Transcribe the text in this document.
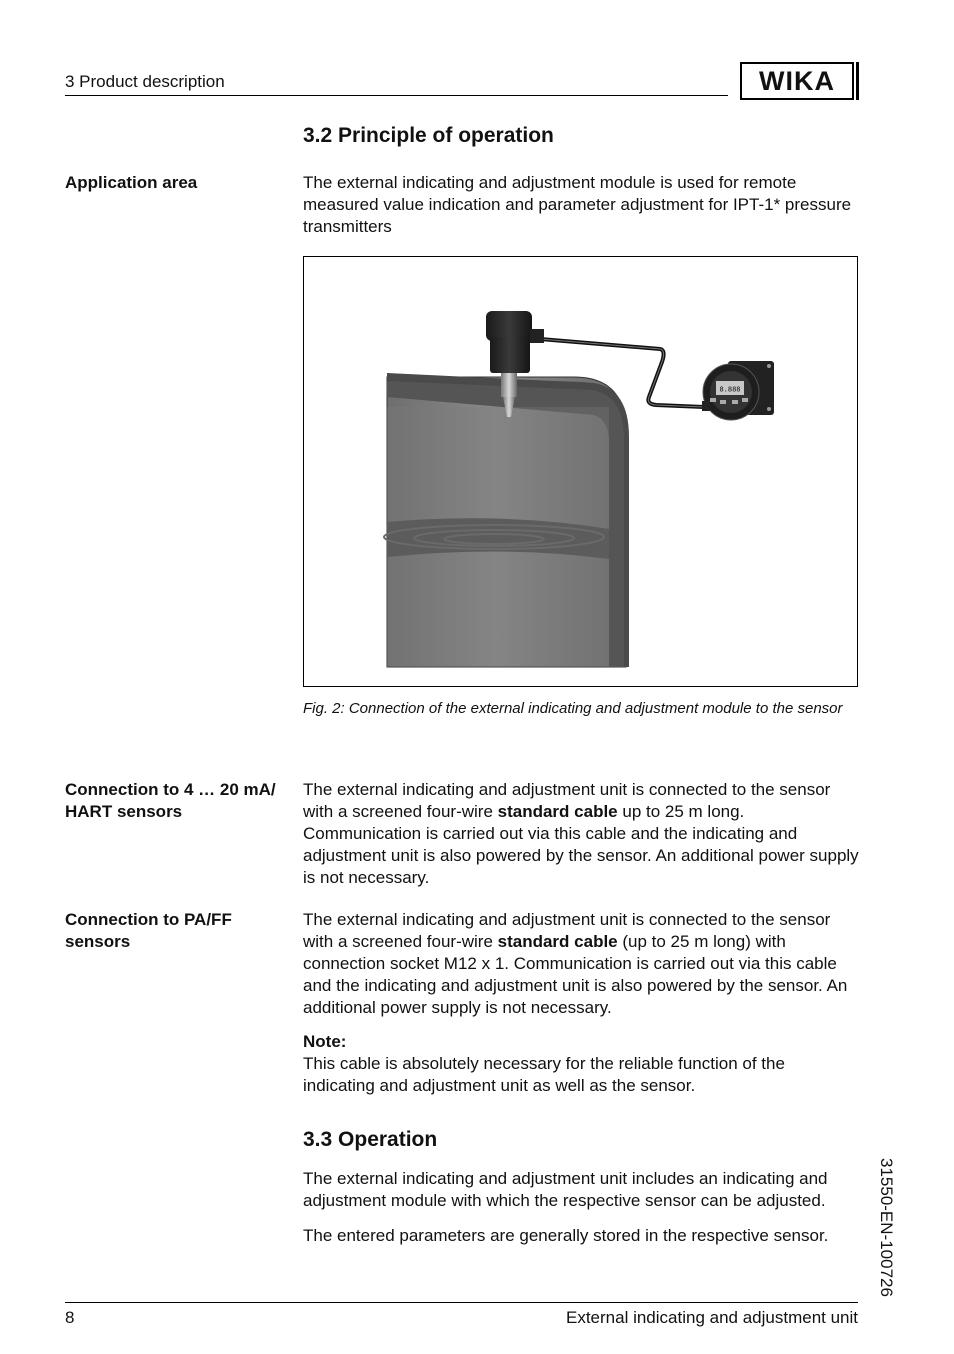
3 Product description	WIKA
3.2 Principle of operation
Application area	The external indicating and adjustment module is used for remote measured value indication and parameter adjustment for IPT-1* pressure transmitters
8.888
Fig. 2: Connection of the external indicating and adjustment module to the sensor
Connection to 4 … 20 mA/ HART sensors
The external indicating and adjustment unit is connected to the sensor with a screened four-wire standard cable up to 25 m long. Communication is carried out via this cable and the indicating and adjustment unit is also powered by the sensor. An additional power supply is not necessary.
Connection to PA/FF sensors
The external indicating and adjustment unit is connected to the sensor with a screened four-wire standard cable (up to 25 m long) with connection socket M12 x 1. Communication is carried out via this cable and the indicating and adjustment unit is also powered by the sensor. An additional power supply is not necessary.
Note:
This cable is absolutely necessary for the reliable function of the indicating and adjustment unit as well as the sensor.
3.3 Operation
The external indicating and adjustment unit includes an indicating and adjustment module with which the respective sensor can be adjusted.
The entered parameters are generally stored in the respective sensor.	31550-EN-100726
8	External indicating and adjustment unit
